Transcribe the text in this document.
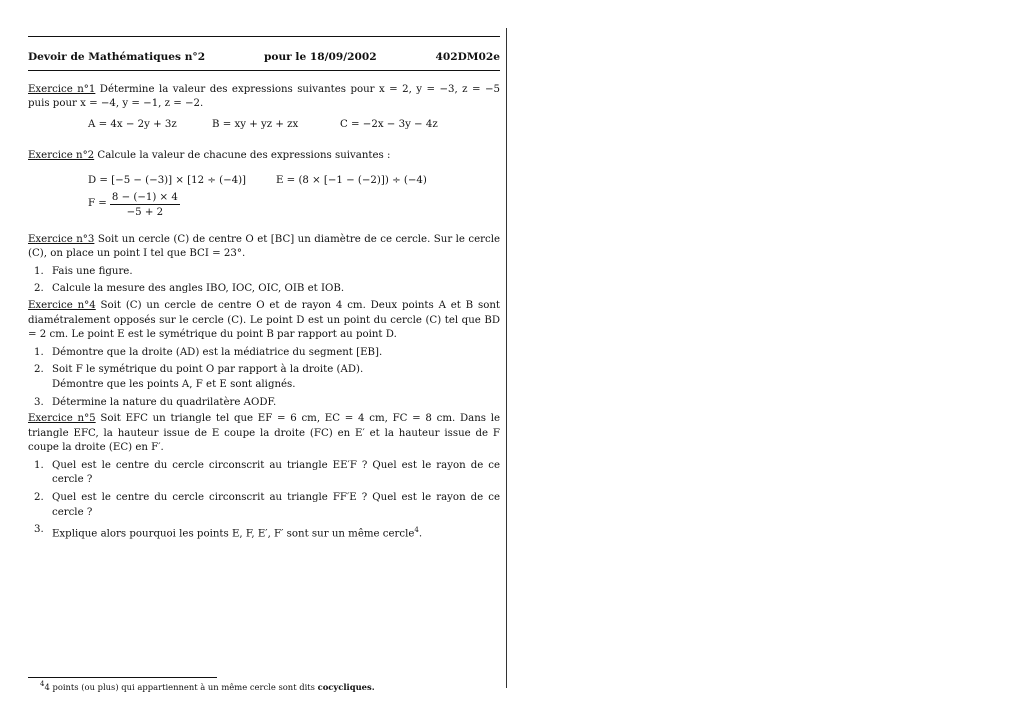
Devoir de Mathématiques n°2	pour le 18/09/2002	402DM02e
Exercice n°1 Détermine la valeur des expressions suivantes pour x = 2, y = −3, z = −5 puis pour x = −4, y = −1, z = −2.
A = 4x − 2y + 3z	B = xy + yz + zx	C = −2x − 3y − 4z
Exercice n°2 Calcule la valeur de chacune des expressions suivantes :
D = [−5 − (−3)] × [12 ÷ (−4)]	E = (8 × [−1 − (−2)]) ÷ (−4)
$F = \frac{8 - (-1) \times 4}{-5 + 2}$
Exercice n°3 Soit un cercle (C) de centre O et [BC] un diamètre de ce cercle. Sur le cercle (C), on place un point I tel que BCI = 23°.
1. Fais une figure.
2. Calcule la mesure des angles IBO, IOC, OIC, OIB et IOB.
Exercice n°4 Soit (C) un cercle de centre O et de rayon 4 cm. Deux points A et B sont diamétralement opposés sur le cercle (C). Le point D est un point du cercle (C) tel que BD = 2 cm. Le point E est le symétrique du point B par rapport au point D.
1. Démontre que la droite (AD) est la médiatrice du segment [EB].
2. Soit F le symétrique du point O par rapport à la droite (AD).
Démontre que les points A, F et E sont alignés.
3. Détermine la nature du quadrilatère AODF.
Exercice n°5 Soit EFC un triangle tel que EF = 6 cm, EC = 4 cm, FC = 8 cm. Dans le triangle EFC, la hauteur issue de E coupe la droite (FC) en E′ et la hauteur issue de F coupe la droite (EC) en F′.
1. Quel est le centre du cercle circonscrit au triangle EE′F ? Quel est le rayon de ce cercle ?
2. Quel est le centre du cercle circonscrit au triangle FF′E ? Quel est le rayon de ce cercle ?
3. Explique alors pourquoi les points E, F, E′, F′ sont sur un même cercle$^4$.
$^4$4 points (ou plus) qui appartiennent à un même cercle sont dits cocycliques.
